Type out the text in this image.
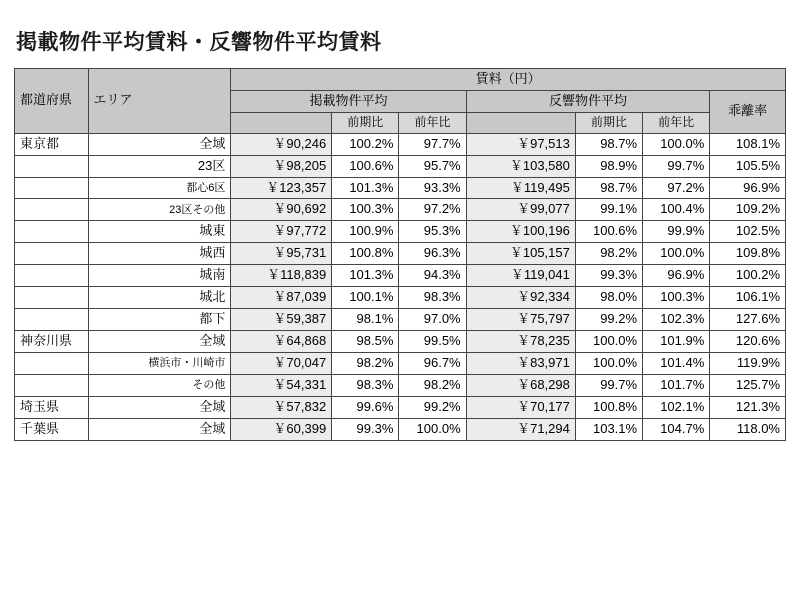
掲載物件平均賃料・反響物件平均賃料
都道府県	エリア	賃料（円）						
		掲載物件平均			反響物件平均			乖離率
			前期比	前年比		前期比	前年比	
東京都	全域	￥90,246	100.2%	97.7%	￥97,513	98.7%	100.0%	108.1%
	23区	￥98,205	100.6%	95.7%	￥103,580	98.9%	99.7%	105.5%
	都心6区	￥123,357	101.3%	93.3%	￥119,495	98.7%	97.2%	96.9%
	23区その他	￥90,692	100.3%	97.2%	￥99,077	99.1%	100.4%	109.2%
	城東	￥97,772	100.9%	95.3%	￥100,196	100.6%	99.9%	102.5%
	城西	￥95,731	100.8%	96.3%	￥105,157	98.2%	100.0%	109.8%
	城南	￥118,839	101.3%	94.3%	￥119,041	99.3%	96.9%	100.2%
	城北	￥87,039	100.1%	98.3%	￥92,334	98.0%	100.3%	106.1%
	都下	￥59,387	98.1%	97.0%	￥75,797	99.2%	102.3%	127.6%
神奈川県	全域	￥64,868	98.5%	99.5%	￥78,235	100.0%	101.9%	120.6%
	横浜市・川崎市	￥70,047	98.2%	96.7%	￥83,971	100.0%	101.4%	119.9%
	その他	￥54,331	98.3%	98.2%	￥68,298	99.7%	101.7%	125.7%
埼玉県	全域	￥57,832	99.6%	99.2%	￥70,177	100.8%	102.1%	121.3%
千葉県	全域	￥60,399	99.3%	100.0%	￥71,294	103.1%	104.7%	118.0%
